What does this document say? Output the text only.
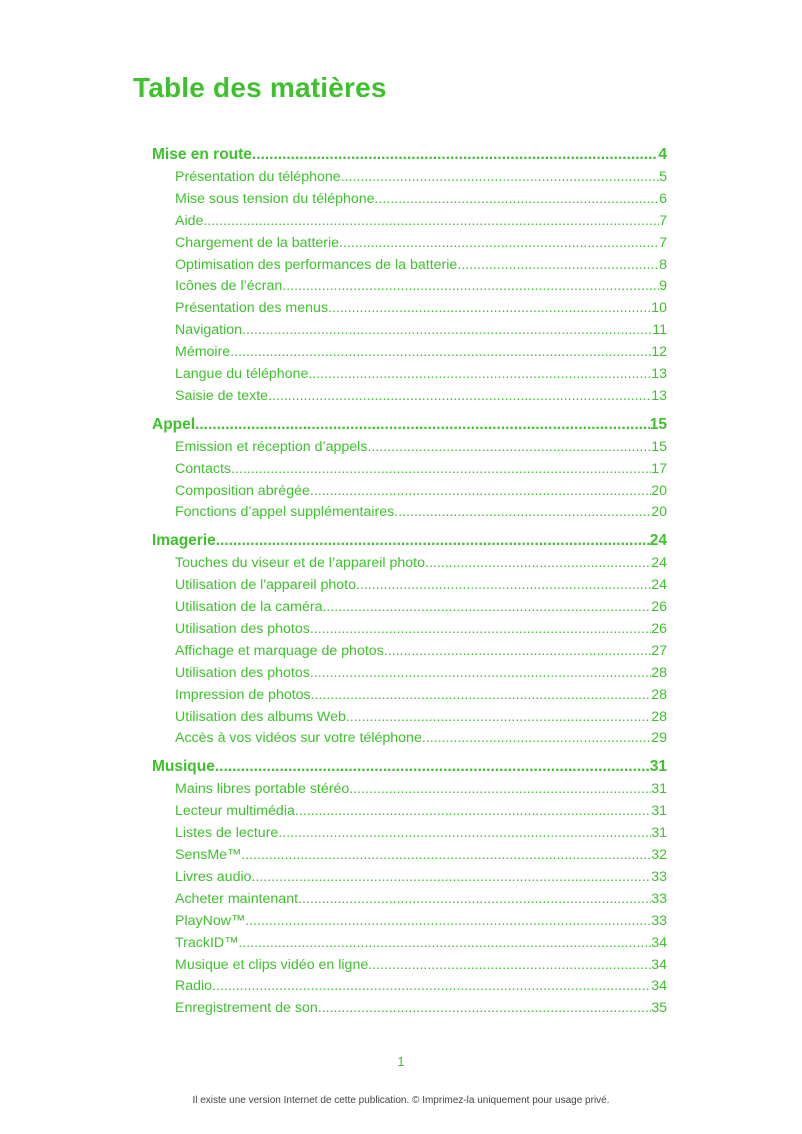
Table des matières
Mise en route .....	4
Présentation du téléphone .....	5
Mise sous tension du téléphone .....	6
Aide .....	7
Chargement de la batterie .....	7
Optimisation des performances de la batterie .....	8
Icônes de l’écran .....	9
Présentation des menus .....	10
Navigation .....	11
Mémoire .....	12
Langue du téléphone .....	13
Saisie de texte .....	13
Appel .....	15
Emission et réception d’appels .....	15
Contacts .....	17
Composition abrégée .....	20
Fonctions d’appel supplémentaires .....	20
Imagerie .....	24
Touches du viseur et de l’appareil photo .....	24
Utilisation de l'appareil photo .....	24
Utilisation de la caméra .....	26
Utilisation des photos .....	26
Affichage et marquage de photos .....	27
Utilisation des photos .....	28
Impression de photos .....	28
Utilisation des albums Web .....	28
Accès à vos vidéos sur votre téléphone .....	29
Musique .....	31
Mains libres portable stéréo .....	31
Lecteur multimédia .....	31
Listes de lecture .....	31
SensMe™ .....	32
Livres audio .....	33
Acheter maintenant .....	33
PlayNow™ .....	33
TrackID™ .....	34
Musique et clips vidéo en ligne .....	34
Radio .....	34
Enregistrement de son .....	35
1
Il existe une version Internet de cette publication. © Imprimez-la uniquement pour usage privé.
